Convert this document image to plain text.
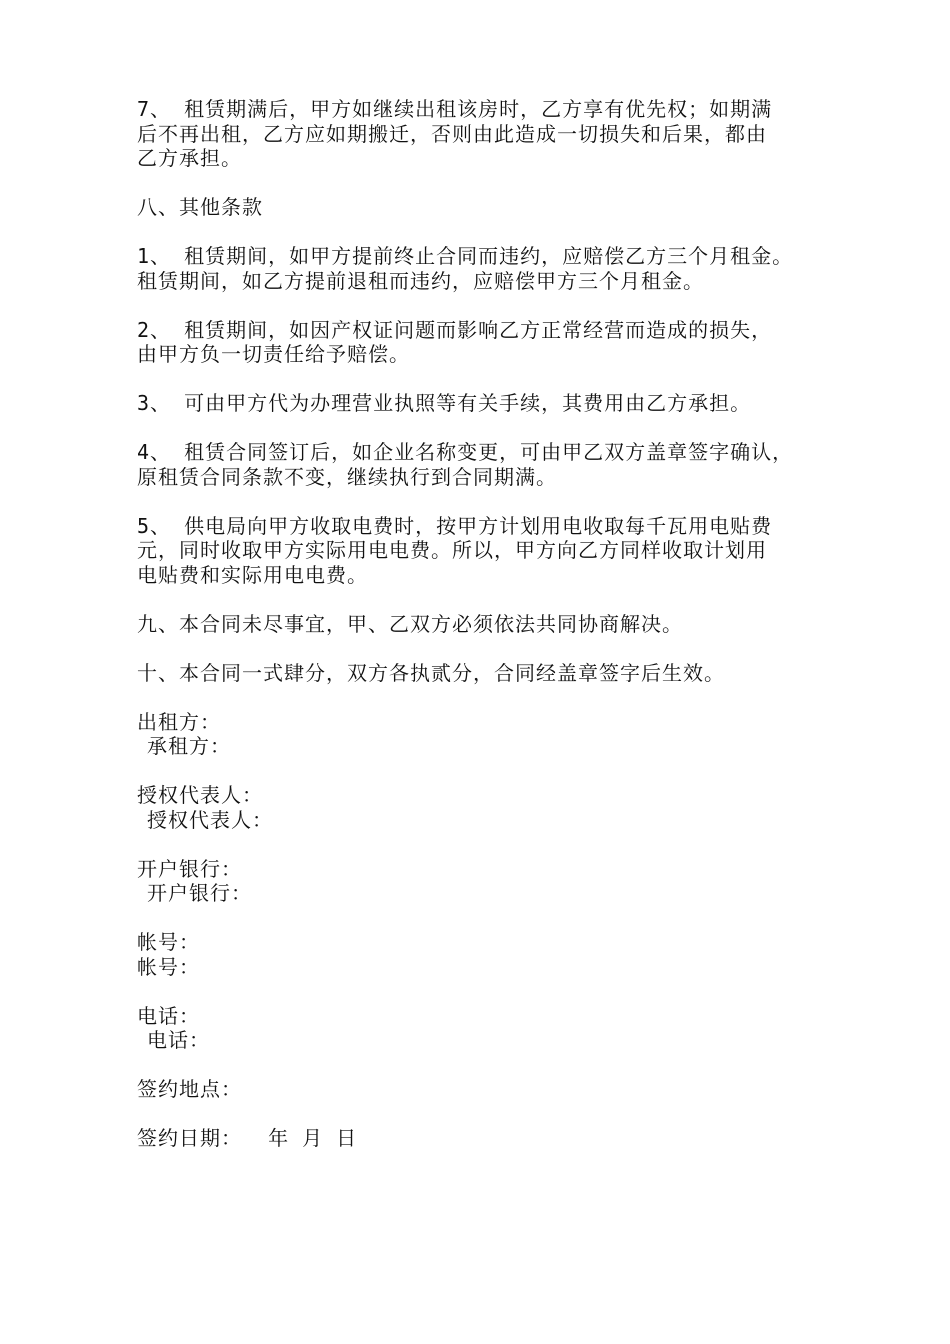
7、 租赁期满后，甲方如继续出租该房时，乙方享有优先权；如期满

后不再出租，乙方应如期搬迁，否则由此造成一切损失和后果，都由

乙方承担。

八、其他条款

1、 租赁期间，如甲方提前终止合同而违约，应赔偿乙方三个月租金。

租赁期间，如乙方提前退租而违约，应赔偿甲方三个月租金。

2、 租赁期间，如因产权证问题而影响乙方正常经营而造成的损失，

由甲方负一切责任给予赔偿。

3、 可由甲方代为办理营业执照等有关手续，其费用由乙方承担。

4、 租赁合同签订后，如企业名称变更，可由甲乙双方盖章签字确认，

原租赁合同条款不变，继续执行到合同期满。

5、 供电局向甲方收取电费时，按甲方计划用电收取每千瓦用电贴费

元，同时收取甲方实际用电电费。所以，甲方向乙方同样收取计划用

电贴费和实际用电电费。

九、本合同未尽事宜，甲、乙双方必须依法共同协商解决。

十、本合同一式肆分，双方各执贰分，合同经盖章签字后生效。

出租方：

承租方：

授权代表人：

授权代表人：

开户银行：

开户银行：

帐号：

帐号：

电话：

电话：

签约地点：

签约日期：  年 月 日
